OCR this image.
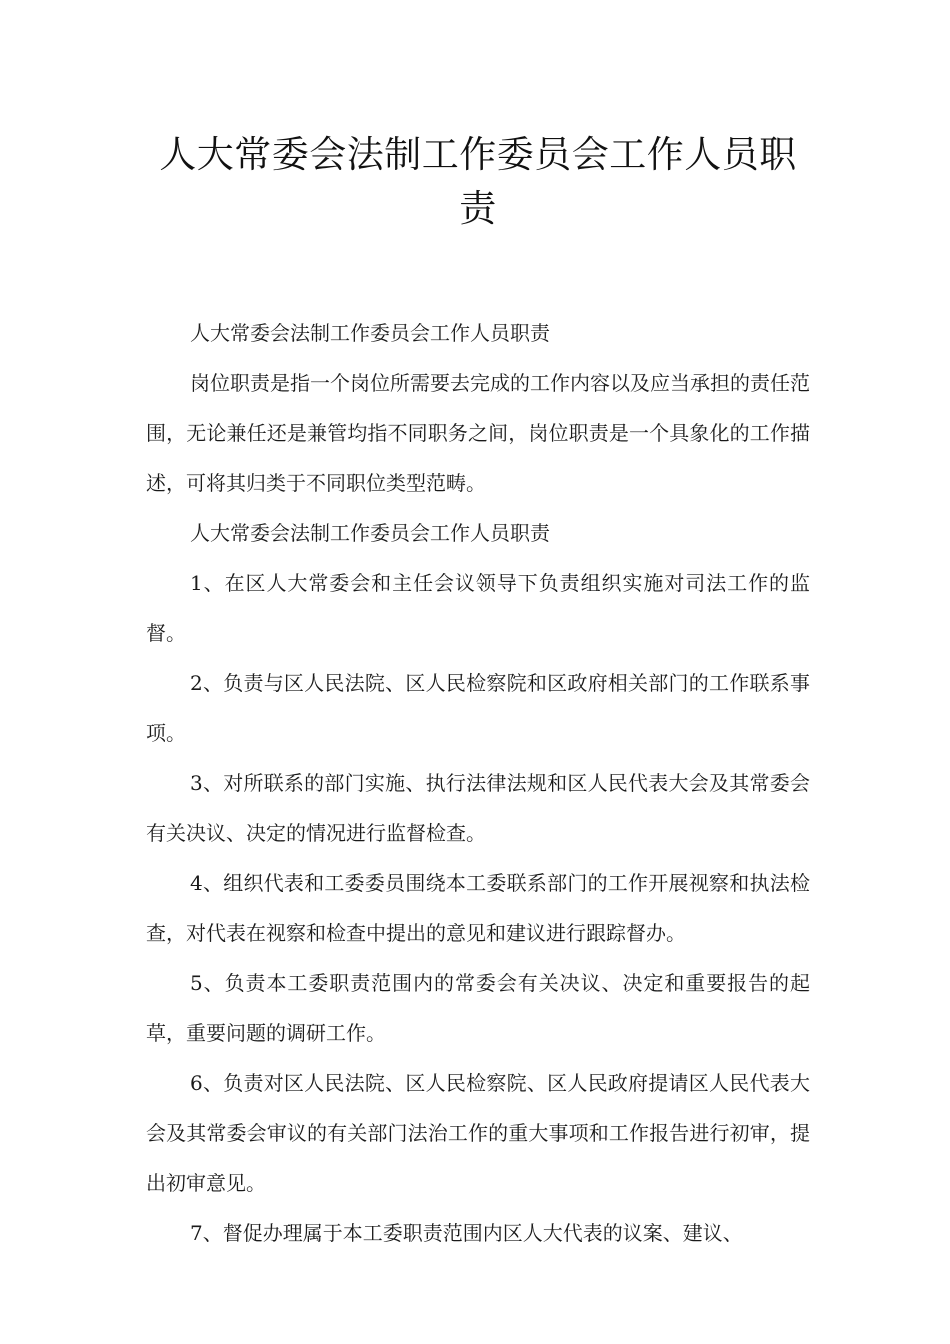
人大常委会法制工作委员会工作人员职责

人大常委会法制工作委员会工作人员职责

岗位职责是指一个岗位所需要去完成的工作内容以及应当承担的责任范围，无论兼任还是兼管均指不同职务之间，岗位职责是一个具象化的工作描述，可将其归类于不同职位类型范畴。

人大常委会法制工作委员会工作人员职责

1、在区人大常委会和主任会议领导下负责组织实施对司法工作的监督。

2、负责与区人民法院、区人民检察院和区政府相关部门的工作联系事项。

3、对所联系的部门实施、执行法律法规和区人民代表大会及其常委会有关决议、决定的情况进行监督检查。

4、组织代表和工委委员围绕本工委联系部门的工作开展视察和执法检查，对代表在视察和检查中提出的意见和建议进行跟踪督办。

5、负责本工委职责范围内的常委会有关决议、决定和重要报告的起草，重要问题的调研工作。

6、负责对区人民法院、区人民检察院、区人民政府提请区人民代表大会及其常委会审议的有关部门法治工作的重大事项和工作报告进行初审，提出初审意见。

7、督促办理属于本工委职责范围内区人大代表的议案、建议、
